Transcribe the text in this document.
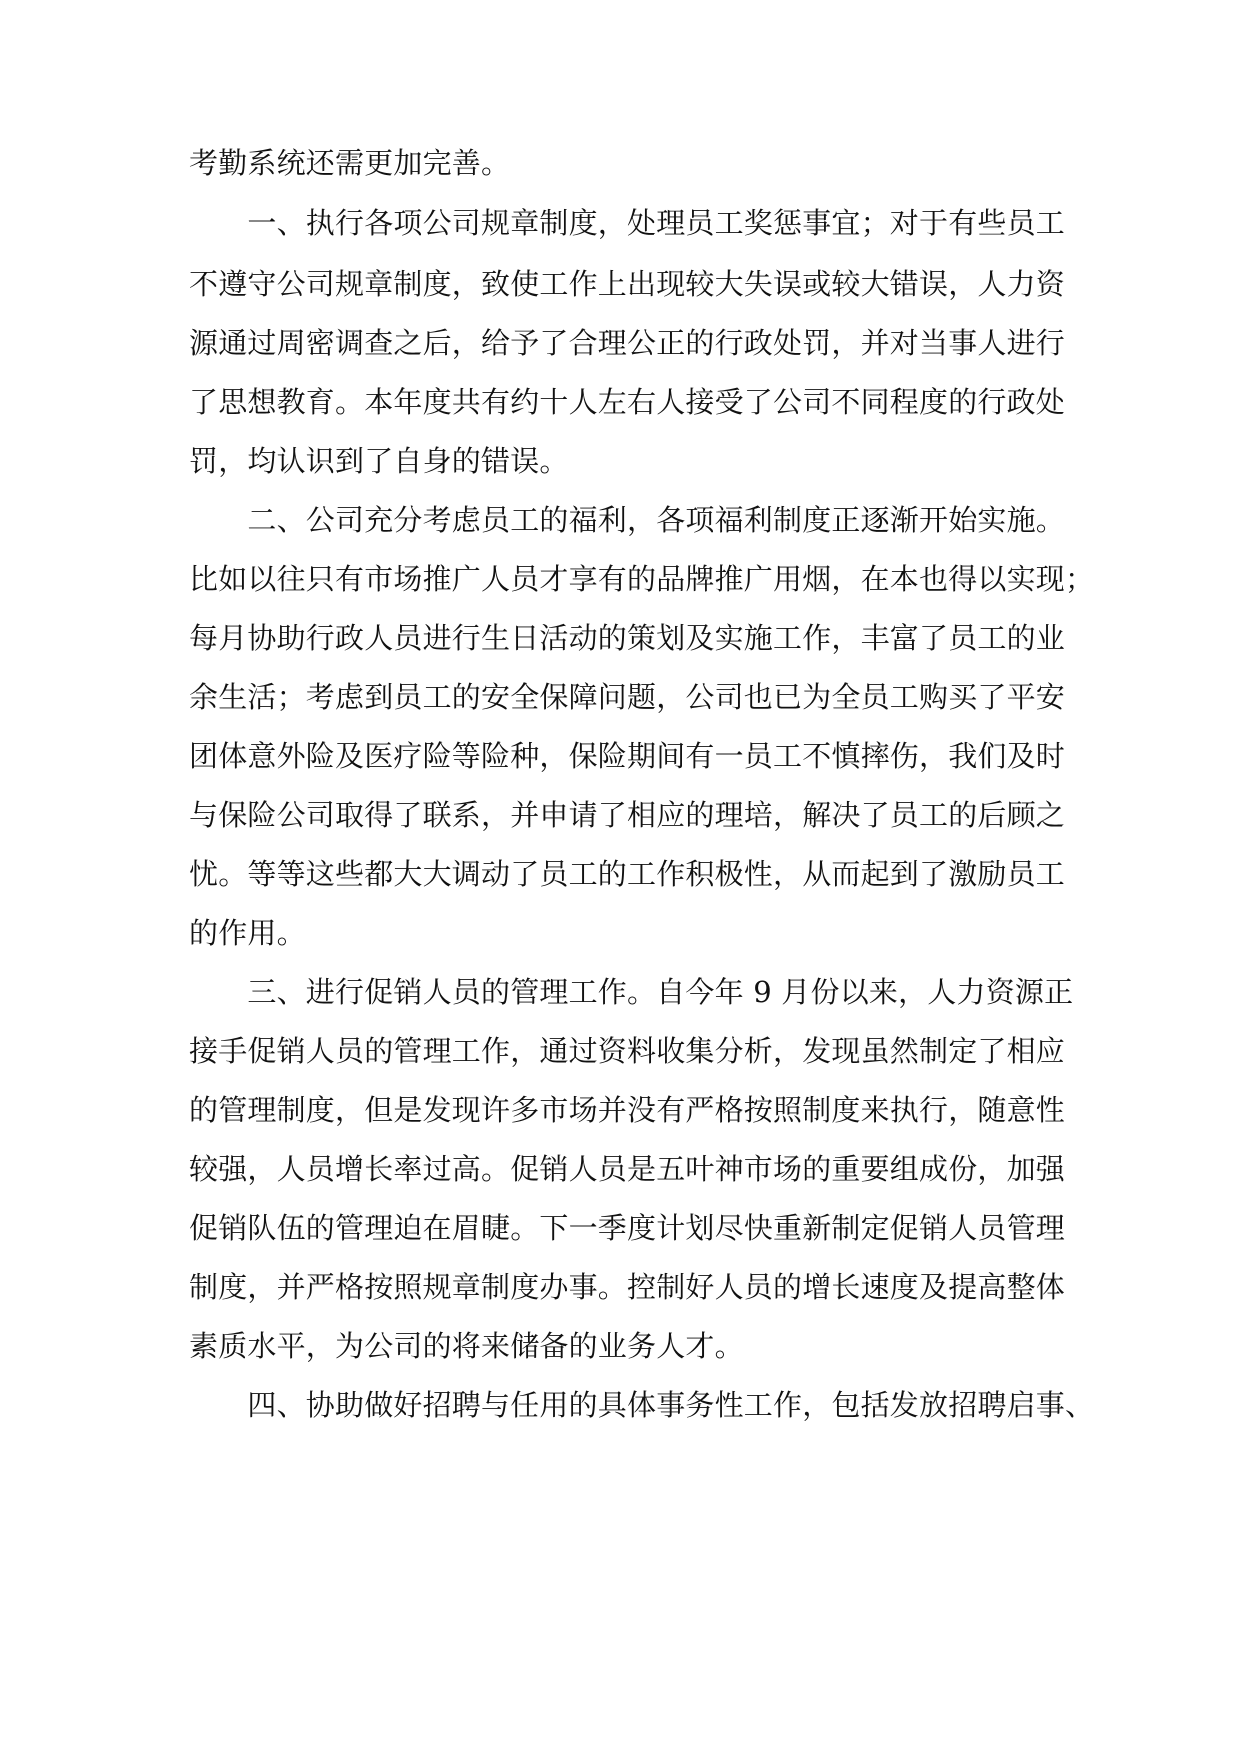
考勤系统还需更加完善。
　　一、执行各项公司规章制度，处理员工奖惩事宜；对于有些员工
不遵守公司规章制度，致使工作上出现较大失误或较大错误，人力资
源通过周密调查之后，给予了合理公正的行政处罚，并对当事人进行
了思想教育。本年度共有约十人左右人接受了公司不同程度的行政处
罚，均认识到了自身的错误。
　　二、公司充分考虑员工的福利，各项福利制度正逐渐开始实施。
比如以往只有市场推广人员才享有的品牌推广用烟，在本也得以实现；
每月协助行政人员进行生日活动的策划及实施工作，丰富了员工的业
余生活；考虑到员工的安全保障问题，公司也已为全员工购买了平安
团体意外险及医疗险等险种，保险期间有一员工不慎摔伤，我们及时
与保险公司取得了联系，并申请了相应的理培，解决了员工的后顾之
忧。等等这些都大大调动了员工的工作积极性，从而起到了激励员工
的作用。
　　三、进行促销人员的管理工作。自今年 9 月份以来，人力资源正
接手促销人员的管理工作，通过资料收集分析，发现虽然制定了相应
的管理制度，但是发现许多市场并没有严格按照制度来执行，随意性
较强，人员增长率过高。促销人员是五叶神市场的重要组成份，加强
促销队伍的管理迫在眉睫。下一季度计划尽快重新制定促销人员管理
制度，并严格按照规章制度办事。控制好人员的增长速度及提高整体
素质水平，为公司的将来储备的业务人才。
　　四、协助做好招聘与任用的具体事务性工作，包括发放招聘启事、
